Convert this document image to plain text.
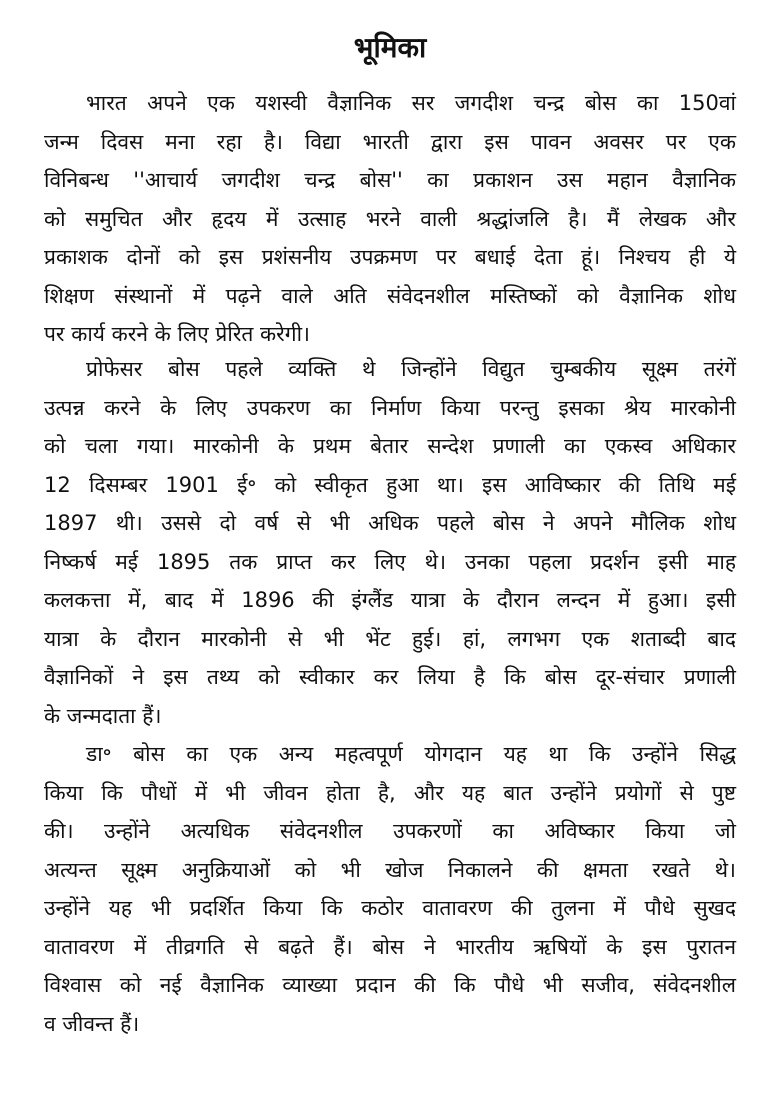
भूमिका
भारत अपने एक यशस्वी वैज्ञानिक सर जगदीश चन्द्र बोस का 150वां
जन्म दिवस मना रहा है। विद्या भारती द्वारा इस पावन अवसर पर एक
विनिबन्ध ''आचार्य जगदीश चन्द्र बोस'' का प्रकाशन उस महान वैज्ञानिक
को समुचित और हृदय में उत्साह भरने वाली श्रद्धांजलि है। मैं लेखक और
प्रकाशक दोनों को इस प्रशंसनीय उपक्रमण पर बधाई देता हूं। निश्चय ही ये
शिक्षण संस्थानों में पढ़ने वाले अति संवेदनशील मस्तिष्कों को वैज्ञानिक शोध
पर कार्य करने के लिए प्रेरित करेगी।
प्रोफेसर बोस पहले व्यक्ति थे जिन्होंने विद्युत चुम्बकीय सूक्ष्म तरंगें
उत्पन्न करने के लिए उपकरण का निर्माण किया परन्तु इसका श्रेय मारकोनी
को चला गया। मारकोनी के प्रथम बेतार सन्देश प्रणाली का एकस्व अधिकार
12 दिसम्बर 1901 ई॰ को स्वीकृत हुआ था। इस आविष्कार की तिथि मई
1897 थी। उससे दो वर्ष से भी अधिक पहले बोस ने अपने मौलिक शोध
निष्कर्ष मई 1895 तक प्राप्त कर लिए थे। उनका पहला प्रदर्शन इसी माह
कलकत्ता में, बाद में 1896 की इंग्लैंड यात्रा के दौरान लन्दन में हुआ। इसी
यात्रा के दौरान मारकोनी से भी भेंट हुई। हां, लगभग एक शताब्दी बाद
वैज्ञानिकों ने इस तथ्य को स्वीकार कर लिया है कि बोस दूर-संचार प्रणाली
के जन्मदाता हैं।
डा॰ बोस का एक अन्य महत्वपूर्ण योगदान यह था कि उन्होंने सिद्ध
किया कि पौधों में भी जीवन होता है, और यह बात उन्होंने प्रयोगों से पुष्ट
की। उन्होंने अत्यधिक संवेदनशील उपकरणों का अविष्कार किया जो
अत्यन्त सूक्ष्म अनुक्रियाओं को भी खोज निकालने की क्षमता रखते थे।
उन्होंने यह भी प्रदर्शित किया कि कठोर वातावरण की तुलना में पौधे सुखद
वातावरण में तीव्रगति से बढ़ते हैं। बोस ने भारतीय ऋषियों के इस पुरातन
विश्वास को नई वैज्ञानिक व्याख्या प्रदान की कि पौधे भी सजीव, संवेदनशील
व जीवन्त हैं।
